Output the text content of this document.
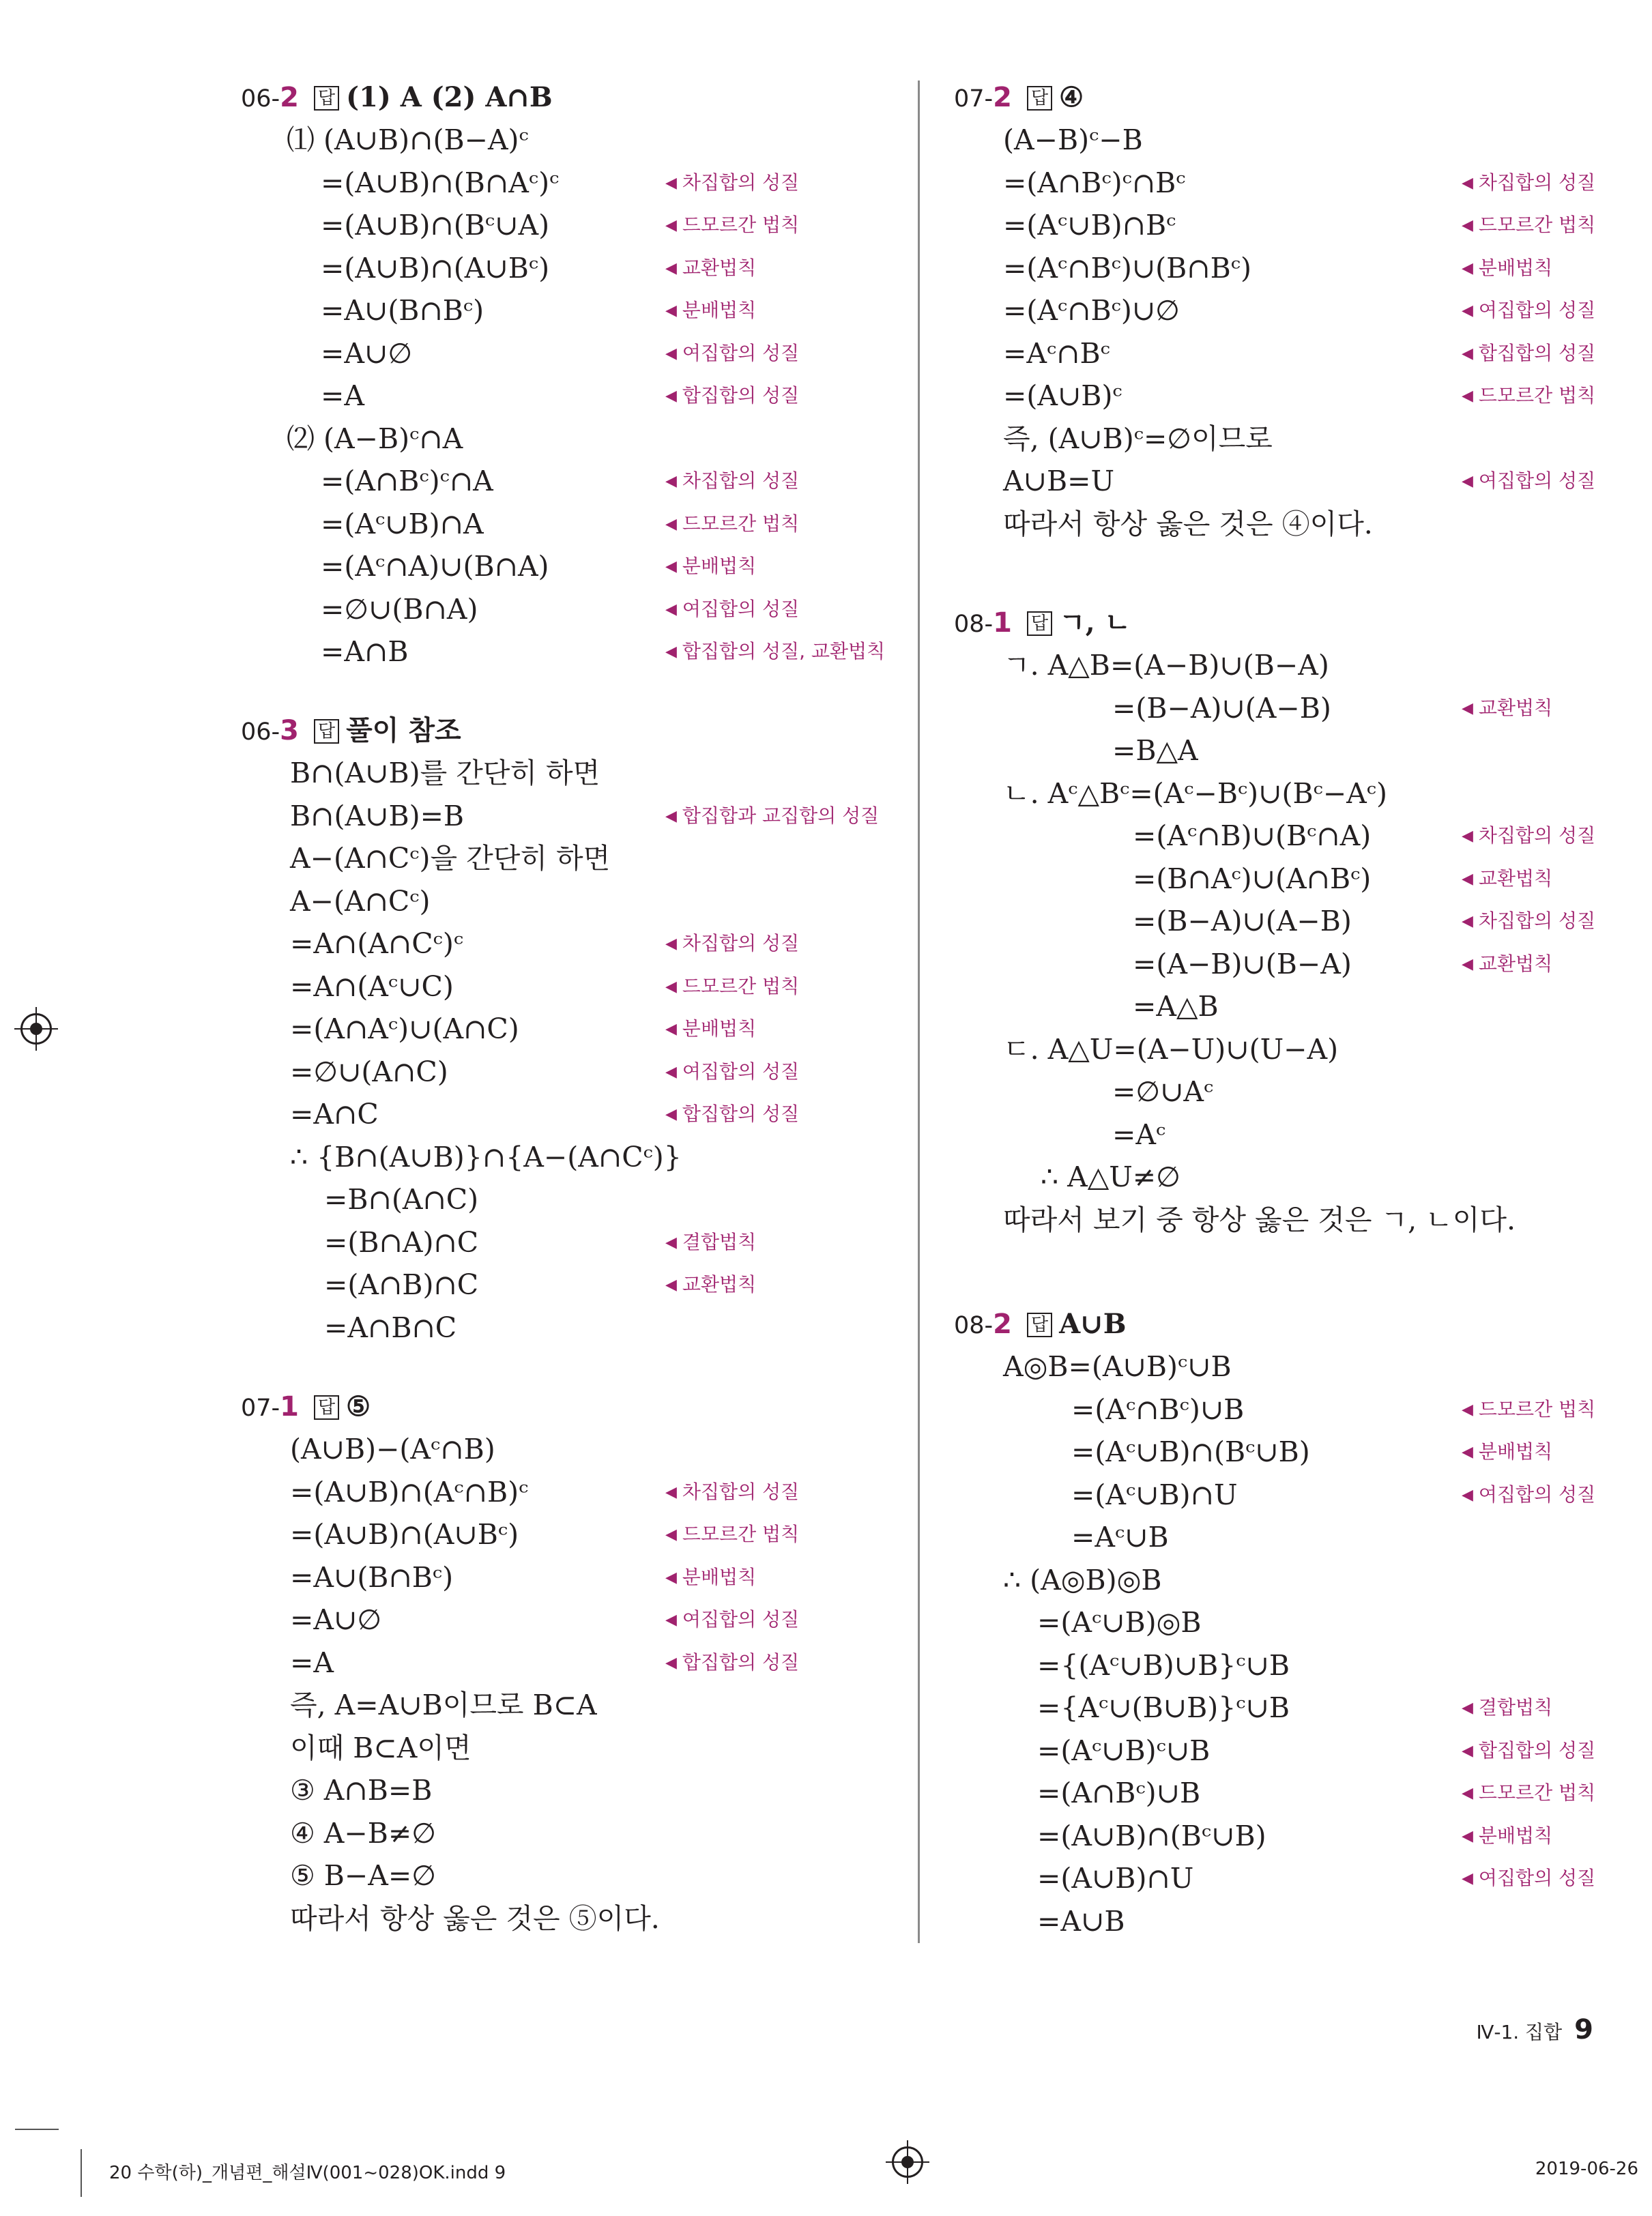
Ⅳ-1. 집합 9
20 수학(하)_개념편_해설Ⅳ(001~028)OK.indd 9	2019-06-26
06-2 답 (1) A (2) A∩B
⑴ (A∪B)∩(B−A)ᶜ
=(A∪B)∩(B∩Aᶜ)ᶜ	◀ 차집합의 성질
=(A∪B)∩(Bᶜ∪A)	◀ 드모르간 법칙
=(A∪B)∩(A∪Bᶜ)	◀ 교환법칙
=A∪(B∩Bᶜ)	◀ 분배법칙
=A∪∅	◀ 여집합의 성질
=A	◀ 합집합의 성질
⑵ (A−B)ᶜ∩A
=(A∩Bᶜ)ᶜ∩A	◀ 차집합의 성질
=(Aᶜ∪B)∩A	◀ 드모르간 법칙
=(Aᶜ∩A)∪(B∩A)	◀ 분배법칙
=∅∪(B∩A)	◀ 여집합의 성질
=A∩B	◀ 합집합의 성질, 교환법칙
06-3 답 풀이 참조
B∩(A∪B)를 간단히 하면
B∩(A∪B)=B	◀ 합집합과 교집합의 성질
A−(A∩Cᶜ)을 간단히 하면
A−(A∩Cᶜ)
=A∩(A∩Cᶜ)ᶜ	◀ 차집합의 성질
=A∩(Aᶜ∪C)	◀ 드모르간 법칙
=(A∩Aᶜ)∪(A∩C)	◀ 분배법칙
=∅∪(A∩C)	◀ 여집합의 성질
=A∩C	◀ 합집합의 성질
∴ {B∩(A∪B)}∩{A−(A∩Cᶜ)}
=B∩(A∩C)
=(B∩A)∩C	◀ 결합법칙
=(A∩B)∩C	◀ 교환법칙
=A∩B∩C
07-1 답 ⑤
(A∪B)−(Aᶜ∩B)
=(A∪B)∩(Aᶜ∩B)ᶜ	◀ 차집합의 성질
=(A∪B)∩(A∪Bᶜ)	◀ 드모르간 법칙
=A∪(B∩Bᶜ)	◀ 분배법칙
=A∪∅	◀ 여집합의 성질
=A	◀ 합집합의 성질
즉, A=A∪B이므로 B⊂A
이때 B⊂A이면
③ A∩B=B
④ A−B≠∅
⑤ B−A=∅
따라서 항상 옳은 것은 ⑤이다.
07-2 답 ④
(A−B)ᶜ−B
=(A∩Bᶜ)ᶜ∩Bᶜ	◀ 차집합의 성질
=(Aᶜ∪B)∩Bᶜ	◀ 드모르간 법칙
=(Aᶜ∩Bᶜ)∪(B∩Bᶜ)	◀ 분배법칙
=(Aᶜ∩Bᶜ)∪∅	◀ 여집합의 성질
=Aᶜ∩Bᶜ	◀ 합집합의 성질
=(A∪B)ᶜ	◀ 드모르간 법칙
즉, (A∪B)ᶜ=∅이므로
A∪B=U	◀ 여집합의 성질
따라서 항상 옳은 것은 ④이다.
08-1 답 ㄱ, ㄴ
ㄱ. A△B=(A−B)∪(B−A)
=(B−A)∪(A−B)	◀ 교환법칙
=B△A
ㄴ. Aᶜ△Bᶜ=(Aᶜ−Bᶜ)∪(Bᶜ−Aᶜ)
=(Aᶜ∩B)∪(Bᶜ∩A)	◀ 차집합의 성질
=(B∩Aᶜ)∪(A∩Bᶜ)	◀ 교환법칙
=(B−A)∪(A−B)	◀ 차집합의 성질
=(A−B)∪(B−A)	◀ 교환법칙
=A△B
ㄷ. A△U=(A−U)∪(U−A)
=∅∪Aᶜ
=Aᶜ
∴ A△U≠∅
따라서 보기 중 항상 옳은 것은 ㄱ, ㄴ이다.
08-2 답 A∪B
A◎B=(A∪B)ᶜ∪B
=(Aᶜ∩Bᶜ)∪B	◀ 드모르간 법칙
=(Aᶜ∪B)∩(Bᶜ∪B)	◀ 분배법칙
=(Aᶜ∪B)∩U	◀ 여집합의 성질
=Aᶜ∪B
∴ (A◎B)◎B
=(Aᶜ∪B)◎B
={(Aᶜ∪B)∪B}ᶜ∪B
={Aᶜ∪(B∪B)}ᶜ∪B	◀ 결합법칙
=(Aᶜ∪B)ᶜ∪B	◀ 합집합의 성질
=(A∩Bᶜ)∪B	◀ 드모르간 법칙
=(A∪B)∩(Bᶜ∪B)	◀ 분배법칙
=(A∪B)∩U	◀ 여집합의 성질
=A∪B
